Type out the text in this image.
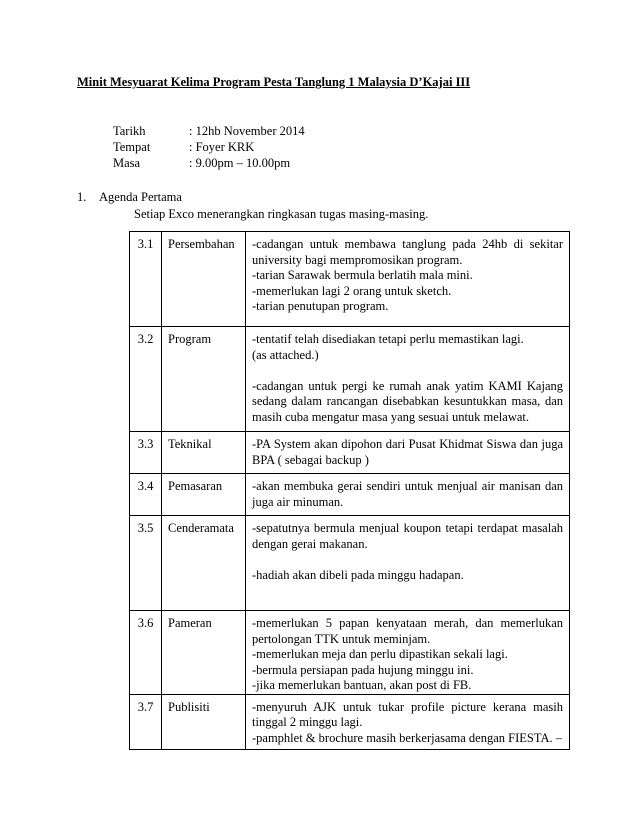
Minit Mesyuarat Kelima Program Pesta Tanglung 1 Malaysia D’Kajai III
Tarikh	: 12hb November 2014
Tempat	: Foyer KRK
Masa	: 9.00pm – 10.00pm
1. Agenda Pertama
Setiap Exco menerangkan ringkasan tugas masing-masing.
3.1	Persembahan	-cadangan untuk membawa tanglung pada 24hb di sekitar university bagi mempromosikan program.
-tarian Sarawak bermula berlatih mala mini.
-memerlukan lagi 2 orang untuk sketch.
-tarian penutupan program.

3.2	Program	-tentatif telah disediakan tetapi perlu memastikan lagi.
(as attached.)
-cadangan untuk pergi ke rumah anak yatim KAMI Kajang sedang dalam rancangan disebabkan kesuntukkan masa, dan masih cuba mengatur masa yang sesuai untuk melawat.

3.3	Teknikal	-PA System akan dipohon dari Pusat Khidmat Siswa dan juga BPA ( sebagai backup )

3.4	Pemasaran	-akan membuka gerai sendiri untuk menjual air manisan dan juga air minuman.

3.5	Cenderamata	-sepatutnya bermula menjual koupon tetapi terdapat masalah dengan gerai makanan.
-hadiah akan dibeli pada minggu hadapan.

3.6	Pameran	-memerlukan 5 papan kenyataan merah, dan memerlukan pertolongan TTK untuk meminjam.
-memerlukan meja dan perlu dipastikan sekali lagi.
-bermula persiapan pada hujung minggu ini.
-jika memerlukan bantuan, akan post di FB.

3.7	Publisiti	-menyuruh AJK untuk tukar profile picture kerana masih tinggal 2 minggu lagi.
-pamphlet & brochure masih berkerjasama dengan FIESTA. –
